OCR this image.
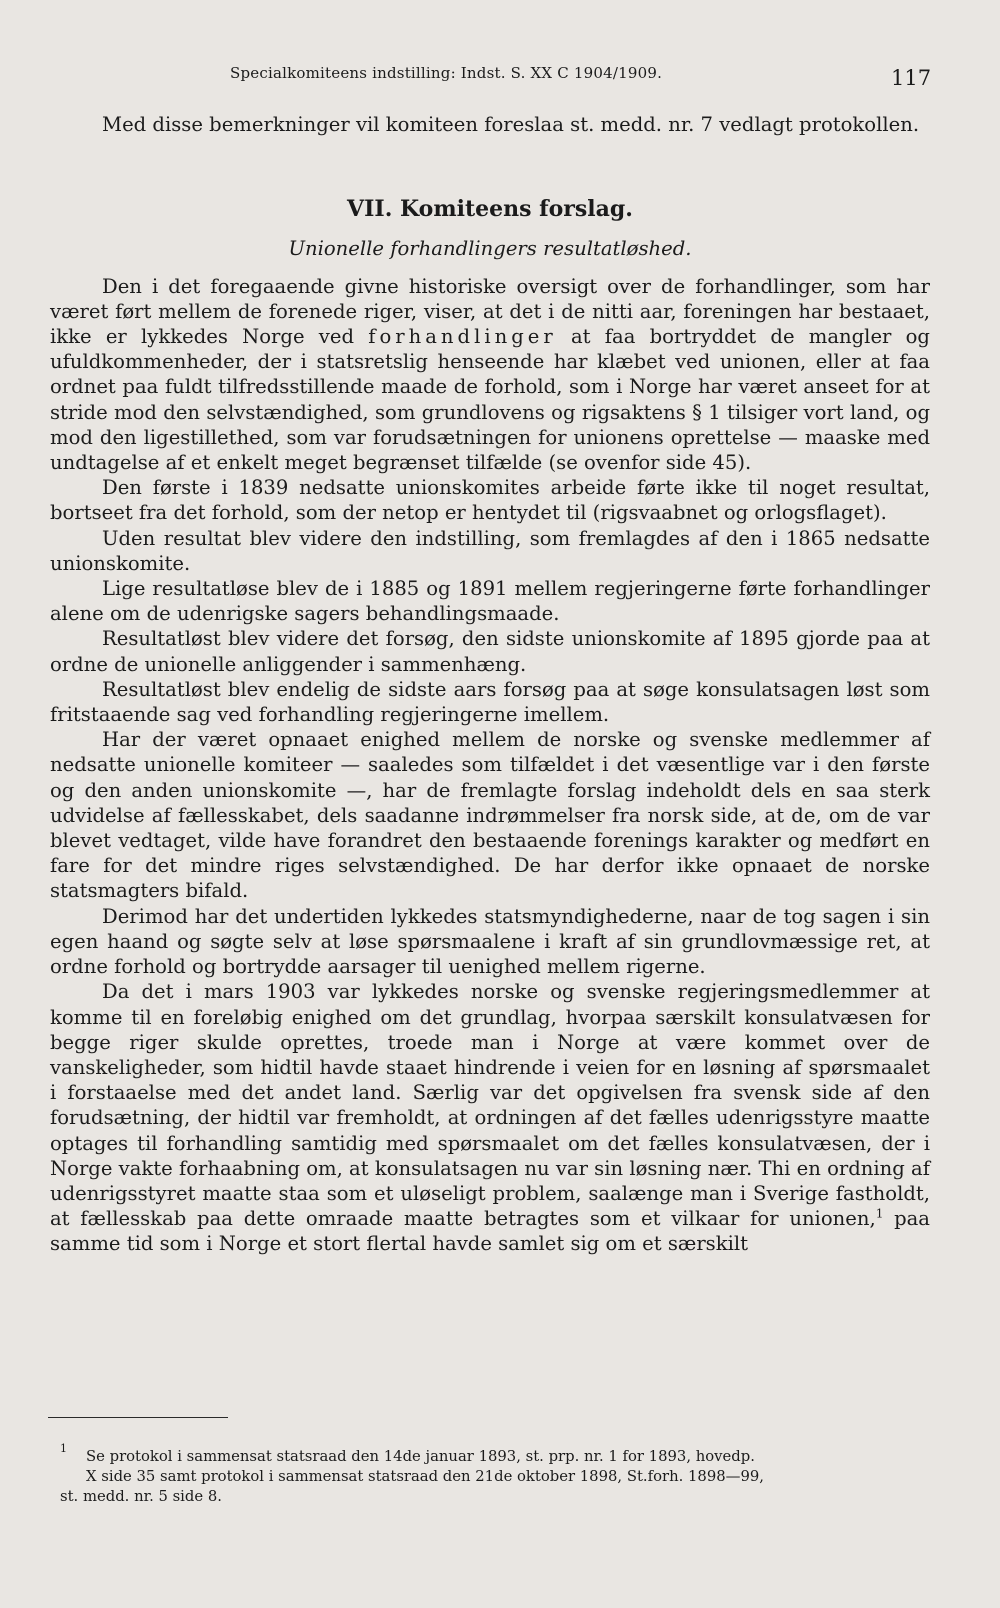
Specialkomiteens indstilling: Indst. S. XX C 1904/1909.	117

Med disse bemerkninger vil komiteen foreslaa st. medd. nr. 7 vedlagt protokollen.

VII. Komiteens forslag.
Unionelle forhandlingers resultatløshed.

Den i det foregaaende givne historiske oversigt over de forhandlinger, som har været ført mellem de forenede riger, viser, at det i de nitti aar, foreningen har bestaaet, ikke er lykkedes Norge ved forhandlinger at faa bortryddet de mangler og ufuldkommenheder, der i statsretslig henseende har klæbet ved unionen, eller at faa ordnet paa fuldt tilfredsstillende maade de forhold, som i Norge har været anseet for at stride mod den selvstændighed, som grundlovens og rigsaktens § 1 tilsiger vort land, og mod den ligestillethed, som var forudsætningen for unionens oprettelse — maaske med undtagelse af et enkelt meget begrænset tilfælde (se ovenfor side 45).

Den første i 1839 nedsatte unionskomites arbeide førte ikke til noget resultat, bortseet fra det forhold, som der netop er hentydet til (rigsvaabnet og orlogsflaget).

Uden resultat blev videre den indstilling, som fremlagdes af den i 1865 nedsatte unionskomite.

Lige resultatløse blev de i 1885 og 1891 mellem regjeringerne førte forhandlinger alene om de udenrigske sagers behandlingsmaade.

Resultatløst blev videre det forsøg, den sidste unionskomite af 1895 gjorde paa at ordne de unionelle anliggender i sammenhæng.

Resultatløst blev endelig de sidste aars forsøg paa at søge konsulatsagen løst som fritstaaende sag ved forhandling regjeringerne imellem.

Har der været opnaaet enighed mellem de norske og svenske medlemmer af nedsatte unionelle komiteer — saaledes som tilfældet i det væsentlige var i den første og den anden unionskomite —, har de fremlagte forslag indeholdt dels en saa sterk udvidelse af fællesskabet, dels saadanne indrømmelser fra norsk side, at de, om de var blevet vedtaget, vilde have forandret den bestaaende forenings karakter og medført en fare for det mindre riges selvstændighed. De har derfor ikke opnaaet de norske statsmagters bifald.

Derimod har det undertiden lykkedes statsmyndighederne, naar de tog sagen i sin egen haand og søgte selv at løse spørsmaalene i kraft af sin grundlovmæssige ret, at ordne forhold og bortrydde aarsager til uenighed mellem rigerne.

Da det i mars 1903 var lykkedes norske og svenske regjeringsmedlemmer at komme til en foreløbig enighed om det grundlag, hvorpaa særskilt konsulatvæsen for begge riger skulde oprettes, troede man i Norge at være kommet over de vanskeligheder, som hidtil havde staaet hindrende i veien for en løsning af spørsmaalet i forstaaelse med det andet land. Særlig var det opgivelsen fra svensk side af den forudsætning, der hidtil var fremholdt, at ordningen af det fælles udenrigsstyre maatte optages til forhandling samtidig med spørsmaalet om det fælles konsulatvæsen, der i Norge vakte forhaabning om, at konsulatsagen nu var sin løsning nær. Thi en ordning af udenrigsstyret maatte staa som et uløseligt problem, saalænge man i Sverige fastholdt, at fællesskab paa dette omraade maatte betragtes som et vilkaar for unionen,$^1$ paa samme tid som i Norge et stort flertal havde samlet sig om et særskilt

1 Se protokol i sammensat statsraad den 14de januar 1893, st. prp. nr. 1 for 1893, hovedp.
X side 35 samt protokol i sammensat statsraad den 21de oktober 1898, St.forh. 1898—99,
st. medd. nr. 5 side 8.
